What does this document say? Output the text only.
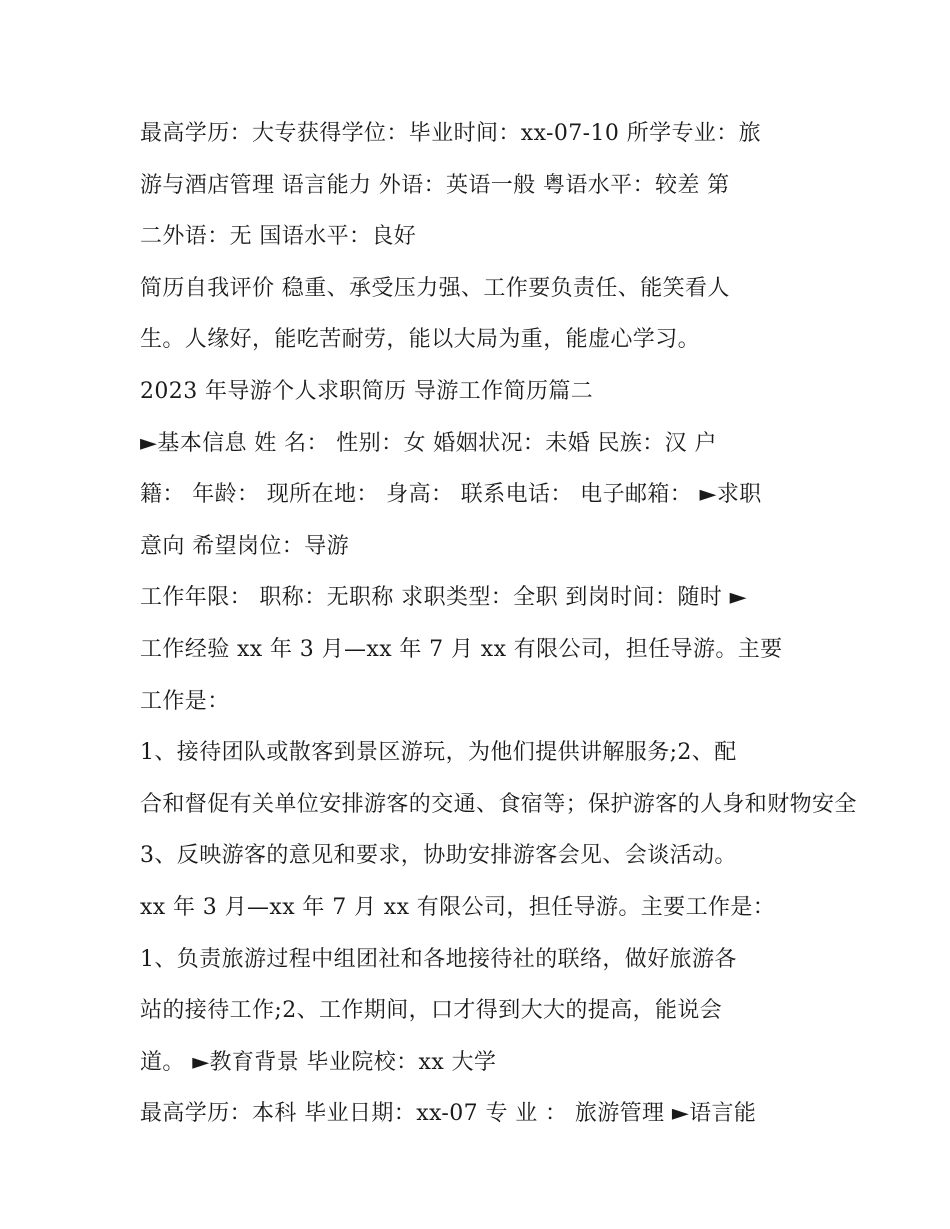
最高学历：大专获得学位：毕业时间：xx-07-10 所学专业：旅
游与酒店管理 语言能力 外语：英语一般 粤语水平：较差 第
二外语：无 国语水平：良好
简历自我评价 稳重、承受压力强、工作要负责任、能笑看人
生。人缘好，能吃苦耐劳，能以大局为重，能虚心学习。
2023 年导游个人求职简历 导游工作简历篇二
►基本信息 姓 名： 性别：女 婚姻状况：未婚 民族：汉 户
籍： 年龄： 现所在地： 身高： 联系电话： 电子邮箱： ►求职
意向 希望岗位：导游
工作年限： 职称：无职称 求职类型：全职 到岗时间：随时 ►
工作经验 xx 年 3 月—xx 年 7 月 xx 有限公司，担任导游。主要
工作是：
1、接待团队或散客到景区游玩，为他们提供讲解服务;2、配
合和督促有关单位安排游客的交通、食宿等；保护游客的人身和财物安全
3、反映游客的意见和要求，协助安排游客会见、会谈活动。
xx 年 3 月—xx 年 7 月 xx 有限公司，担任导游。主要工作是：
1、负责旅游过程中组团社和各地接待社的联络，做好旅游各
站的接待工作;2、工作期间，口才得到大大的提高，能说会
道。 ►教育背景 毕业院校：xx 大学
最高学历：本科 毕业日期：xx-07 专 业 ： 旅游管理 ►语言能
